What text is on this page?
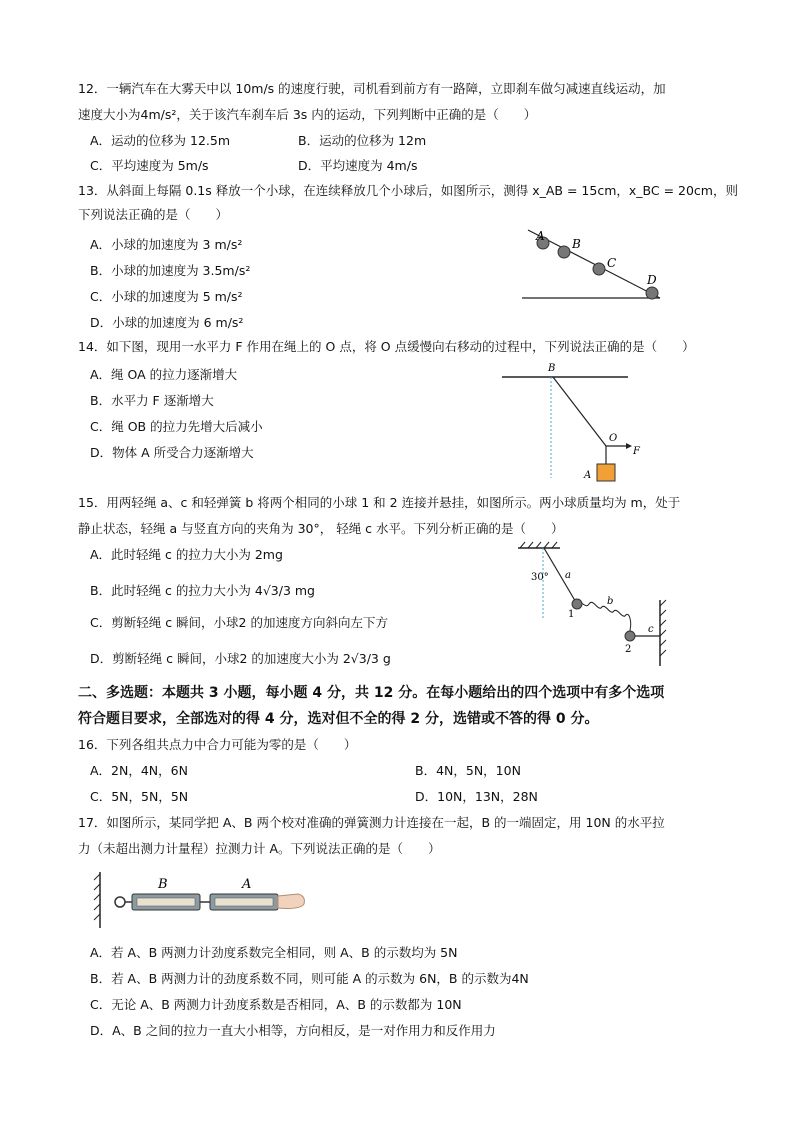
12．一辆汽车在大雾天中以 10m/s 的速度行驶，司机看到前方有一路障，立即刹车做匀减速直线运动，加
速度大小为4m/s²，关于该汽车刹车后 3s 内的运动，下列判断中正确的是（　　）
A．运动的位移为 12.5m	B．运动的位移为 12m
C．平均速度为 5m/s	D．平均速度为 4m/s
13．从斜面上每隔 0.1s 释放一个小球，在连续释放几个小球后，如图所示，测得 x_AB = 15cm，x_BC = 20cm，则
下列说法正确的是（　　）
A．小球的加速度为 3 m/s²
B．小球的加速度为 3.5m/s²
C．小球的加速度为 5 m/s²
D．小球的加速度为 6 m/s²
A
B
C
D
14．如下图，现用一水平力 F 作用在绳上的 O 点，将 O 点缓慢向右移动的过程中，下列说法正确的是（　　）
A．绳 OA 的拉力逐渐增大
B．水平力 F 逐渐增大
C．绳 OB 的拉力先增大后减小
D．物体 A 所受合力逐渐增大
B
O
F
A
15．用两轻绳 a、c 和轻弹簧 b 将两个相同的小球 1 和 2 连接并悬挂，如图所示。两小球质量均为 m，处于
静止状态，轻绳 a 与竖直方向的夹角为 30°， 轻绳 c 水平。下列分析正确的是（　　）
A．此时轻绳 c 的拉力大小为 2mg
B．此时轻绳 c 的拉力大小为 4√3/3 mg
C．剪断轻绳 c 瞬间，小球2 的加速度方向斜向左下方
D．剪断轻绳 c 瞬间，小球2 的加速度大小为 2√3/3 g
30° a
1
b
c
2
二、多选题：本题共 3 小题，每小题 4 分，共 12 分。在每小题给出的四个选项中有多个选项
符合题目要求，全部选对的得 4 分，选对但不全的得 2 分，选错或不答的得 0 分。
16．下列各组共点力中合力可能为零的是（　　）
A．2N，4N，6N	B．4N，5N，10N
C．5N，5N，5N	D．10N，13N，28N
17．如图所示，某同学把 A、B 两个校对准确的弹簧测力计连接在一起，B 的一端固定，用 10N 的水平拉
力（未超出测力计量程）拉测力计 A。下列说法正确的是（　　）
B	A
A．若 A、B 两测力计劲度系数完全相同，则 A、B 的示数均为 5N
B．若 A、B 两测力计的劲度系数不同，则可能 A 的示数为 6N，B 的示数为4N
C．无论 A、B 两测力计劲度系数是否相同，A、B 的示数都为 10N
D．A、B 之间的拉力一直大小相等，方向相反，是一对作用力和反作用力
